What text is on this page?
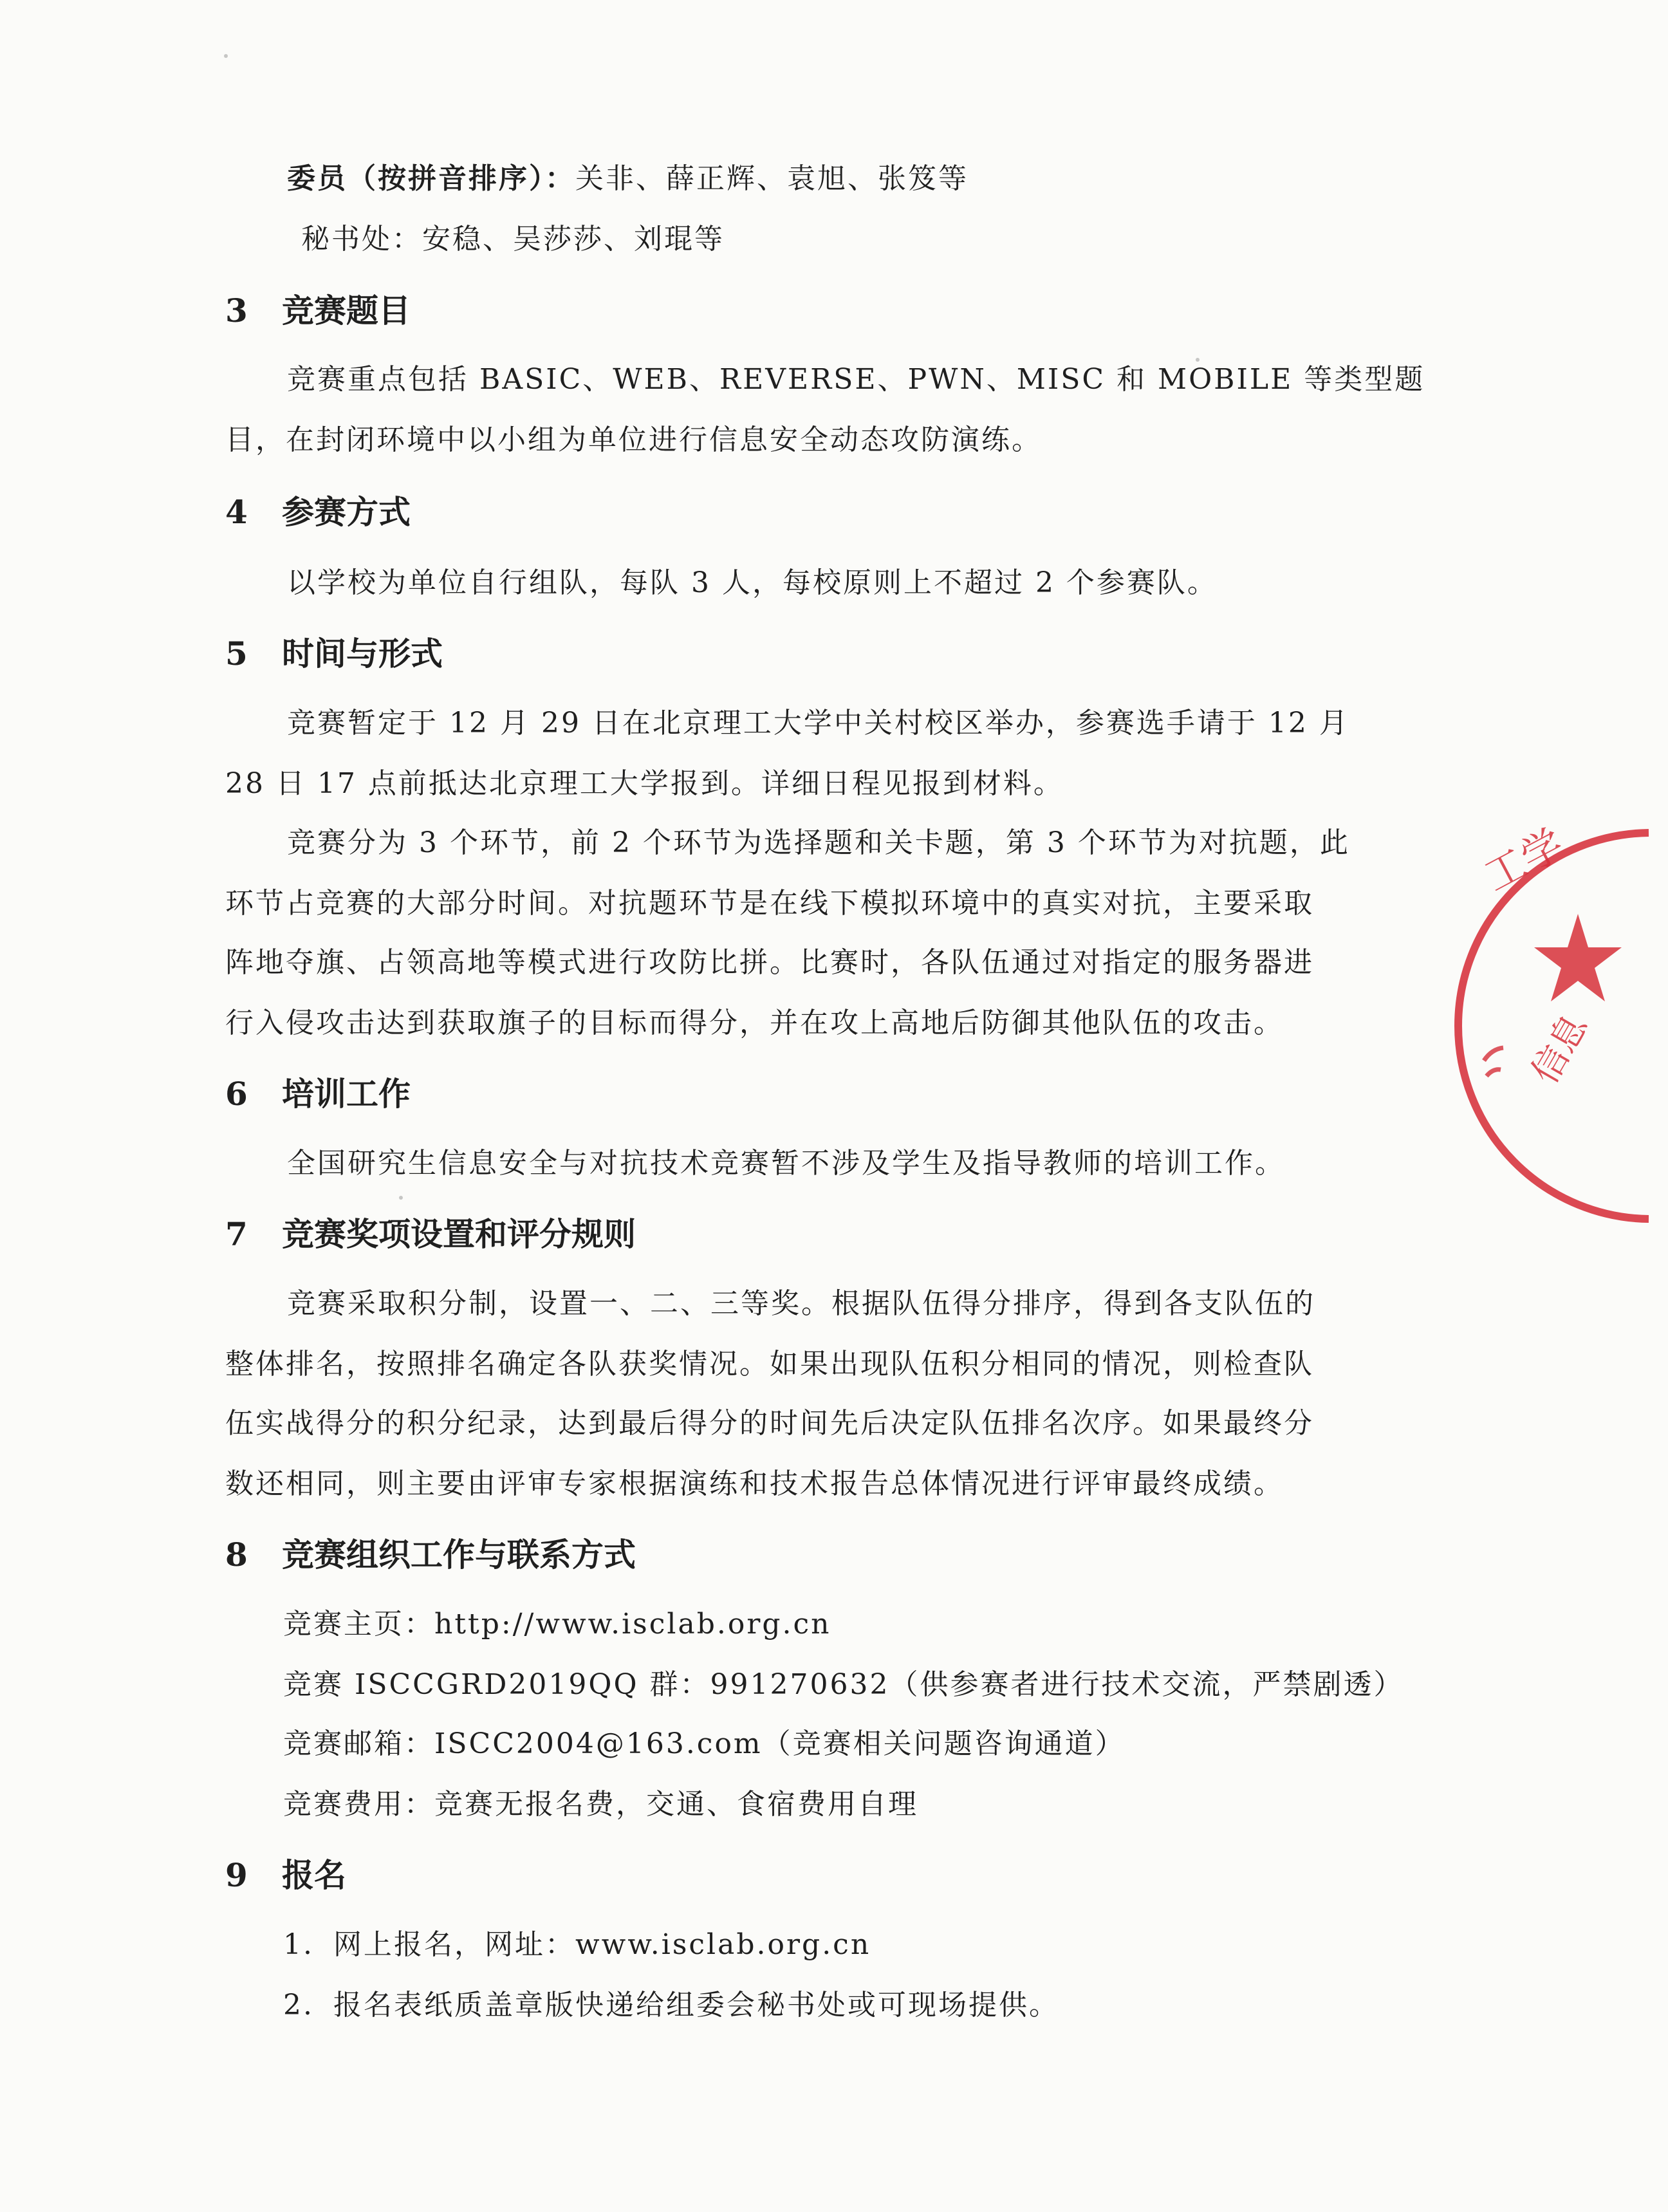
委员（按拼音排序）：关非、薛正辉、袁旭、张笈等
秘书处：安稳、吴莎莎、刘琨等
3 竞赛题目
竞赛重点包括 BASIC、WEB、REVERSE、PWN、MISC 和 MOBILE 等类型题
目，在封闭环境中以小组为单位进行信息安全动态攻防演练。
4 参赛方式
以学校为单位自行组队，每队 3 人，每校原则上不超过 2 个参赛队。
5 时间与形式
竞赛暂定于 12 月 29 日在北京理工大学中关村校区举办，参赛选手请于 12 月
28 日 17 点前抵达北京理工大学报到。详细日程见报到材料。
竞赛分为 3 个环节，前 2 个环节为选择题和关卡题，第 3 个环节为对抗题，此
环节占竞赛的大部分时间。对抗题环节是在线下模拟环境中的真实对抗，主要采取
阵地夺旗、占领高地等模式进行攻防比拼。比赛时，各队伍通过对指定的服务器进
行入侵攻击达到获取旗子的目标而得分，并在攻上高地后防御其他队伍的攻击。
6 培训工作
全国研究生信息安全与对抗技术竞赛暂不涉及学生及指导教师的培训工作。
7 竞赛奖项设置和评分规则
竞赛采取积分制，设置一、二、三等奖。根据队伍得分排序，得到各支队伍的
整体排名，按照排名确定各队获奖情况。如果出现队伍积分相同的情况，则检查队
伍实战得分的积分纪录，达到最后得分的时间先后决定队伍排名次序。如果最终分
数还相同，则主要由评审专家根据演练和技术报告总体情况进行评审最终成绩。
8 竞赛组织工作与联系方式
竞赛主页：http://www.isclab.org.cn
竞赛 ISCCGRD2019QQ 群：991270632（供参赛者进行技术交流，严禁剧透）
竞赛邮箱：ISCC2004@163.com（竞赛相关问题咨询通道）
竞赛费用：竞赛无报名费，交通、食宿费用自理
9 报名
1. 网上报名，网址：www.isclab.org.cn
2. 报名表纸质盖章版快递给组委会秘书处或可现场提供。
工学
信息
